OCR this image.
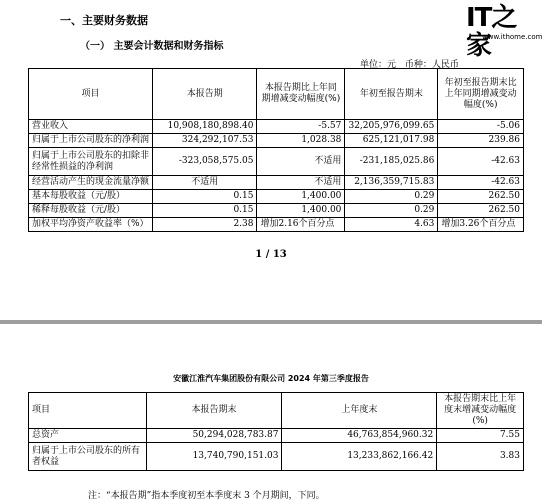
一、主要财务数据
（一） 主要会计数据和财务指标
IT之家
www.ithome.com
单位：元 币种：人民币
项目	本报告期	本报告期比上年同期增减变动幅度(%)	年初至报告期末	年初至报告期末比上年同期增减变动幅度(%)
营业收入	10,908,180,898.40	-5.57	32,205,976,099.65	-5.06
归属于上市公司股东的净利润	324,292,107.53	1,028.38	625,121,017.98	239.86
归属于上市公司股东的扣除非经常性损益的净利润	-323,058,575.05	不适用	-231,185,025.86	-42.63
经营活动产生的现金流量净额	不适用	不适用	2,136,359,715.83	-42.63
基本每股收益（元/股）	0.15	1,400.00	0.29	262.50
稀释每股收益（元/股）	0.15	1,400.00	0.29	262.50
加权平均净资产收益率（%）	2.38	增加2.16个百分点	4.63	增加3.26个百分点
1 / 13
安徽江淮汽车集团股份有限公司 2024 年第三季度报告
项目	本报告期末	上年度末	本报告期末比上年度末增减变动幅度(%)
总资产	50,294,028,783.87	46,763,854,960.32	7.55
归属于上市公司股东的所有者权益	13,740,790,151.03	13,233,862,166.42	3.83
注：“本报告期”指本季度初至本季度末 3 个月期间，下同。
